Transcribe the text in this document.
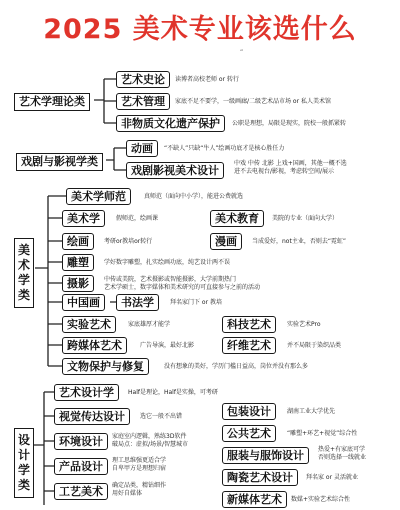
2025 美术专业该选什么
”
艺术学理论类
艺术史论	读博者高校老师 or 转行
艺术管理	家底不足不要学，一级画廊/二级艺术品市场 or 私人美术馆
非物质文化遗产保护	公职是理想，局限是现实，院校一般抓紧转
戏剧与影视学类
动画	“不缺人”只缺“牛人”绘画功底才是核心胜任力
戏剧影视美术设计
中戏 中传 北影 上戏+国画，其他一概不选
进不去电视台/影视，考虑转空间/展示
美术学类
美术学师范	真师范（面向中小学），能进公费就选
美术学	假师范，绘画课	美术教育	美院的专业（面向大学）
绘画	考研or教培or转行	漫画	当成爱好，not主业，否则去“霓虹”
雕塑	学好数字雕塑，扎实绘画功底，纯艺设计两不误
摄影	中传或美院，艺术摄影或智能摄影，大学前期热门
艺术学硕士，数字媒体和美术研究的可直接参与之前的活动
中国画	书法学	拜名家门下 or 教培
实验艺术	家底雄厚才能学	科技艺术	实验艺术Pro
跨媒体艺术	广告导演，最好北影	纤维艺术	并不局限于染织品类
文物保护与修复	没有想象的美好，学历门槛日益高，岗位并没有那么多
设计学类
艺术设计学	Half是理论，Half是实操，可考研
视觉传达设计	选它一般不出错	包装设计	湖南工业大学优先
环境设计	家庭室内逻辑，熟练3D软件
破局点：虚拟/场景/智慧城市
公共艺术	“雕塑+环艺+视觉”综合性
产品设计	理工思维强更适合学
自卑甲方是理想归宿
服装与服饰设计	热爱+有家底可学
否则选择一线就业
陶瓷艺术设计	拜名家 or 灵活就业
工艺美术	确定品类，精钻细作
用好自媒体	新媒体艺术	数媒+实验艺术综合性
